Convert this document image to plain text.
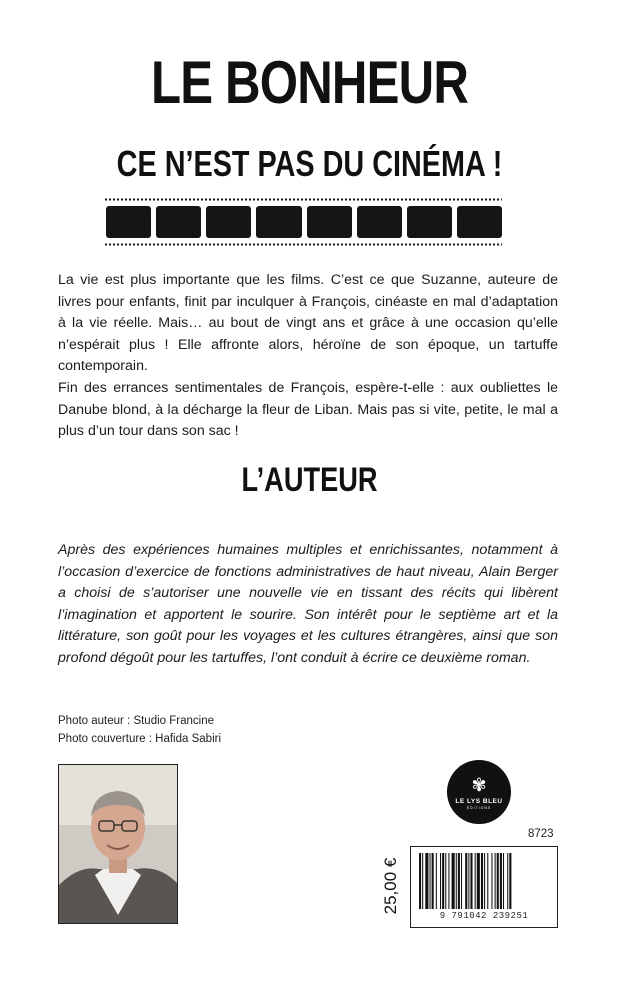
LE BONHEUR
CE N’EST PAS DU CINÉMA !

La vie est plus importante que les films. C’est ce que Suzanne, auteure de livres pour enfants, finit par inculquer à François, cinéaste en mal d’adaptation à la vie réelle. Mais… au bout de vingt ans et grâce à une occasion qu’elle n’espérait plus ! Elle affronte alors, héroïne de son époque, un tartuffe contemporain.

Fin des errances sentimentales de François, espère-t-elle : aux oubliettes le Danube blond, à la décharge la fleur de Liban. Mais pas si vite, petite, le mal a plus d’un tour dans son sac !

L’AUTEUR
Après des expériences humaines multiples et enrichissantes, notamment à l’occasion d’exercice de fonctions administratives de haut niveau, Alain Berger a choisi de s’autoriser une nouvelle vie en tissant des récits qui libèrent l’imagination et apportent le sourire. Son intérêt pour le septième art et la littérature, son goût pour les voyages et les cultures étrangères, ainsi que son profond dégoût pour les tartuffes, l’ont conduit à écrire ce deuxième roman.
Photo auteur : Studio Francine
Photo couverture : Hafida Sabiri
✾
LE LYS BLEU
ÉDITIONS
8723
25,00 €
9 791042 239251
